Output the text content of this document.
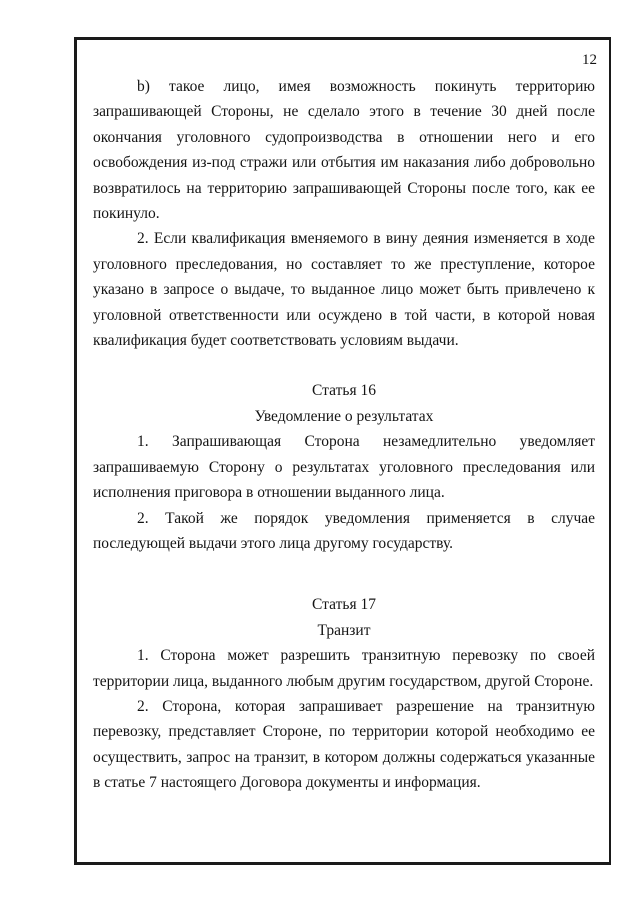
12

b) такое лицо, имея возможность покинуть территорию запрашивающей Стороны, не сделало этого в течение 30 дней после окончания уголовного судопроизводства в отношении него и его освобождения из-под стражи или отбытия им наказания либо добровольно возвратилось на территорию запрашивающей Стороны после того, как ее покинуло.

2. Если квалификация вменяемого в вину деяния изменяется в ходе уголовного преследования, но составляет то же преступление, которое указано в запросе о выдаче, то выданное лицо может быть привлечено к уголовной ответственности или осуждено в той части, в которой новая квалификация будет соответствовать условиям выдачи.

Статья 16
Уведомление о результатах

1. Запрашивающая Сторона незамедлительно уведомляет запрашиваемую Сторону о результатах уголовного преследования или исполнения приговора в отношении выданного лица.

2. Такой же порядок уведомления применяется в случае последующей выдачи этого лица другому государству.

Статья 17
Транзит

1. Сторона может разрешить транзитную перевозку по своей территории лица, выданного любым другим государством, другой Стороне.

2. Сторона, которая запрашивает разрешение на транзитную перевозку, представляет Стороне, по территории которой необходимо ее осуществить, запрос на транзит, в котором должны содержаться указанные в статье 7 настоящего Договора документы и информация.
